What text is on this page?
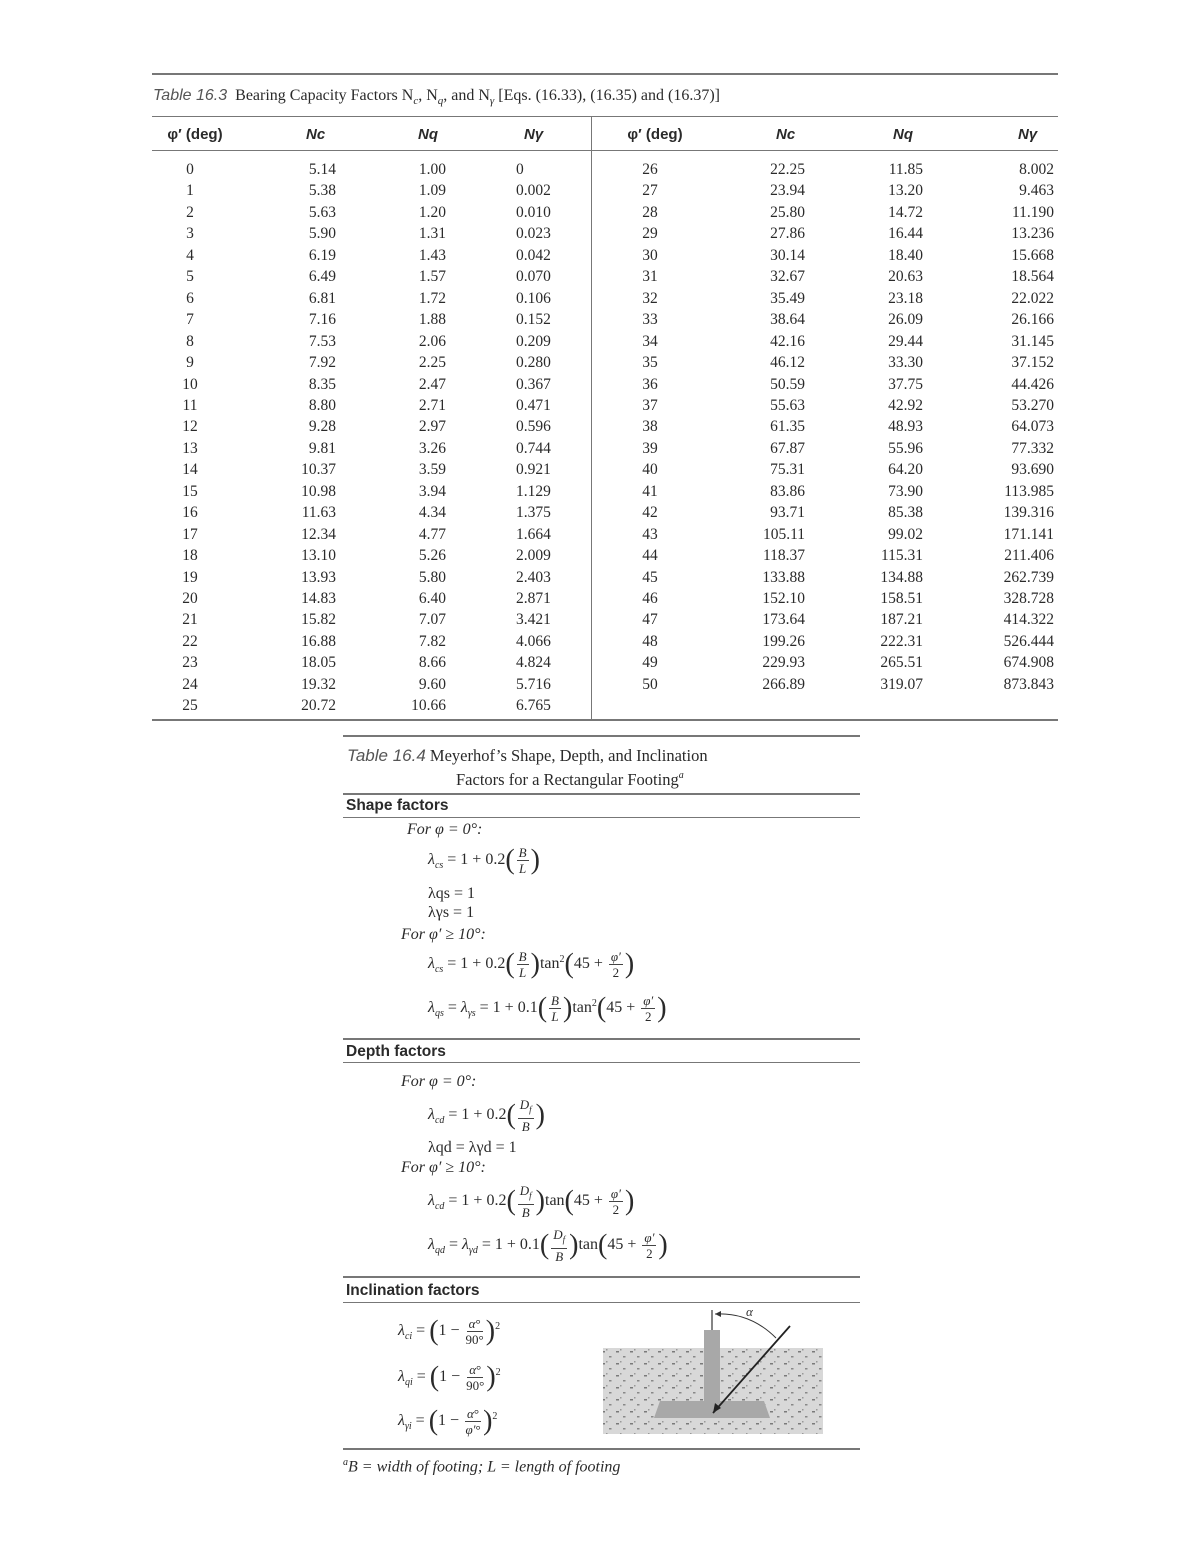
Table 16.3 Bearing Capacity Factors $N_c$, $N_q$, and $N_\gamma$ [Eqs. (16.33), (16.35) and (16.37)]
φ′ (deg)	Nc	Nq	Nγ	φ′ (deg)	Nc	Nq	Nγ
0	5.14	1.00	0
1	5.38	1.09	0.002
2	5.63	1.20	0.010
3	5.90	1.31	0.023
4	6.19	1.43	0.042
5	6.49	1.57	0.070
6	6.81	1.72	0.106
7	7.16	1.88	0.152
8	7.53	2.06	0.209
9	7.92	2.25	0.280
10	8.35	2.47	0.367
11	8.80	2.71	0.471
12	9.28	2.97	0.596
13	9.81	3.26	0.744
14	10.37	3.59	0.921
15	10.98	3.94	1.129
16	11.63	4.34	1.375
17	12.34	4.77	1.664
18	13.10	5.26	2.009
19	13.93	5.80	2.403
20	14.83	6.40	2.871
21	15.82	7.07	3.421
22	16.88	7.82	4.066
23	18.05	8.66	4.824
24	19.32	9.60	5.716
25	20.72	10.66	6.765
26	22.25	11.85	8.002
27	23.94	13.20	9.463
28	25.80	14.72	11.190
29	27.86	16.44	13.236
30	30.14	18.40	15.668
31	32.67	20.63	18.564
32	35.49	23.18	22.022
33	38.64	26.09	26.166
34	42.16	29.44	31.145
35	46.12	33.30	37.152
36	50.59	37.75	44.426
37	55.63	42.92	53.270
38	61.35	48.93	64.073
39	67.87	55.96	77.332
40	75.31	64.20	93.690
41	83.86	73.90	113.985
42	93.71	85.38	139.316
43	105.11	99.02	171.141
44	118.37	115.31	211.406
45	133.88	134.88	262.739
46	152.10	158.51	328.728
47	173.64	187.21	414.322
48	199.26	222.31	526.444
49	229.93	265.51	674.908
50	266.89	319.07	873.843
Table 16.4 Meyerhof’s Shape, Depth, and Inclination
Factors for a Rectangular Footing$^a$
Shape factors
For φ = 0°:
$\lambda_{cs} = 1 + 0.2( \frac{B}{L}$ )
λqs = 1
λγs = 1
For φ′ ≥ 10°:
$\lambda_{cs} = 1 + 0.2( \frac{B}{L} )\tan^2(45 + \frac{\varphi'}{2}$ )
$\lambda_{qs} = \lambda_{\gamma s} = 1 + 0.1( \frac{B}{L} )\tan^2(45 + \frac{\varphi'}{2}$ )
Depth factors
For φ = 0°:
$\lambda_{cd} = 1 + 0.2( \frac{D_f}{B}$ )
λqd = λγd = 1
For φ′ ≥ 10°:
$\lambda_{cd} = 1 + 0.2( \frac{D_f}{B} )\tan(45 + \frac{\varphi'}{2}$ )
$\lambda_{qd} = \lambda_{\gamma d} = 1 + 0.1( \frac{D_f}{B} )\tan(45 + \frac{\varphi'}{2}$ )
Inclination factors
$\lambda_{ci} = (1 - \frac{\alpha^\circ}{90^\circ} )^2$
$\lambda_{qi} = (1 - \frac{\alpha^\circ}{90^\circ} )^2$
$\lambda_{\gamma i} = (1 - \frac{\alpha^\circ}{\varphi'^\circ} )^2$
α
$^a$B = width of footing; L = length of footing
